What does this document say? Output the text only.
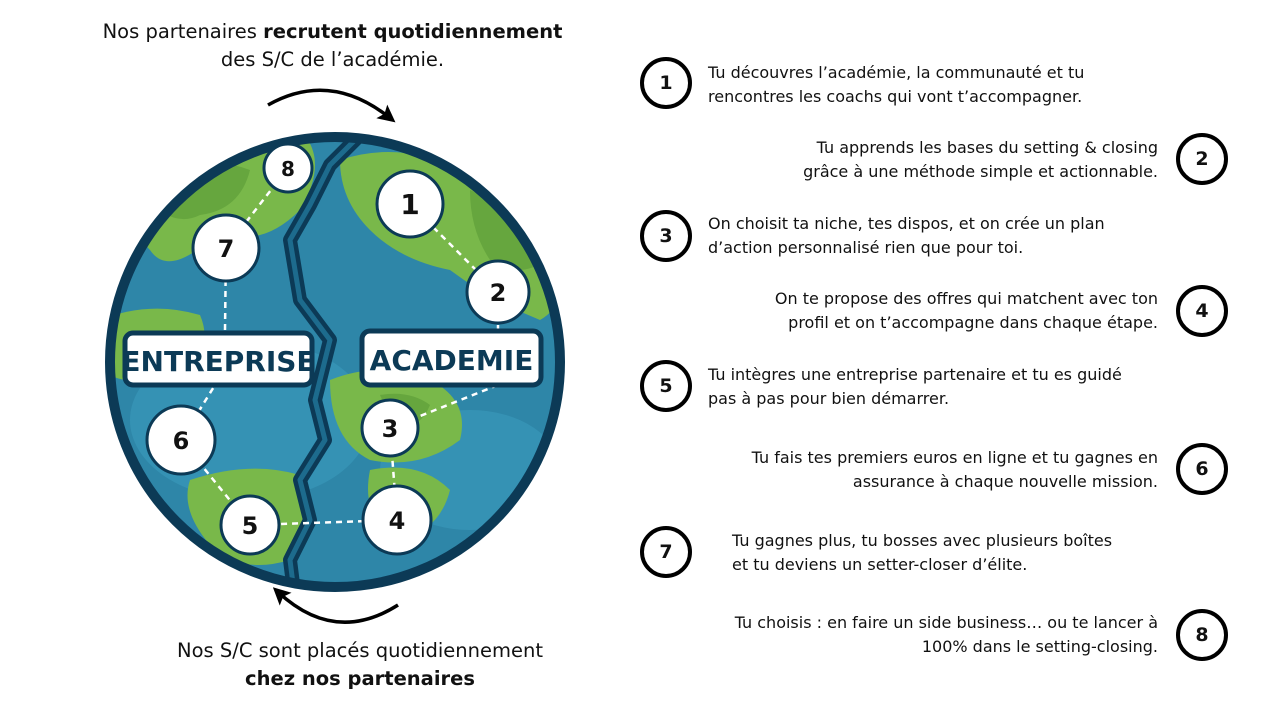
Nos partenaires recrutent quotidiennement
des S/C de l’académie.
ENTREPRISE ACADEMIE
1
2
3
4
5
6
7
8
Nos S/C sont placés quotidiennement
chez nos partenaires
1	Tu découvres l’académie, la communauté et tu
rencontres les coachs qui vont t’accompagner.
2
Tu apprends les bases du setting & closing
grâce à une méthode simple et actionnable.
3
On choisit ta niche, tes dispos, et on crée un plan
d’action personnalisé rien que pour toi.
4
On te propose des offres qui matchent avec ton
profil et on t’accompagne dans chaque étape.
5
Tu intègres une entreprise partenaire et tu es guidé
pas à pas pour bien démarrer.
6
Tu fais tes premiers euros en ligne et tu gagnes en
assurance à chaque nouvelle mission.
7
Tu gagnes plus, tu bosses avec plusieurs boîtes
et tu deviens un setter-closer d’élite.
8
Tu choisis : en faire un side business… ou te lancer à
100% dans le setting-closing.
